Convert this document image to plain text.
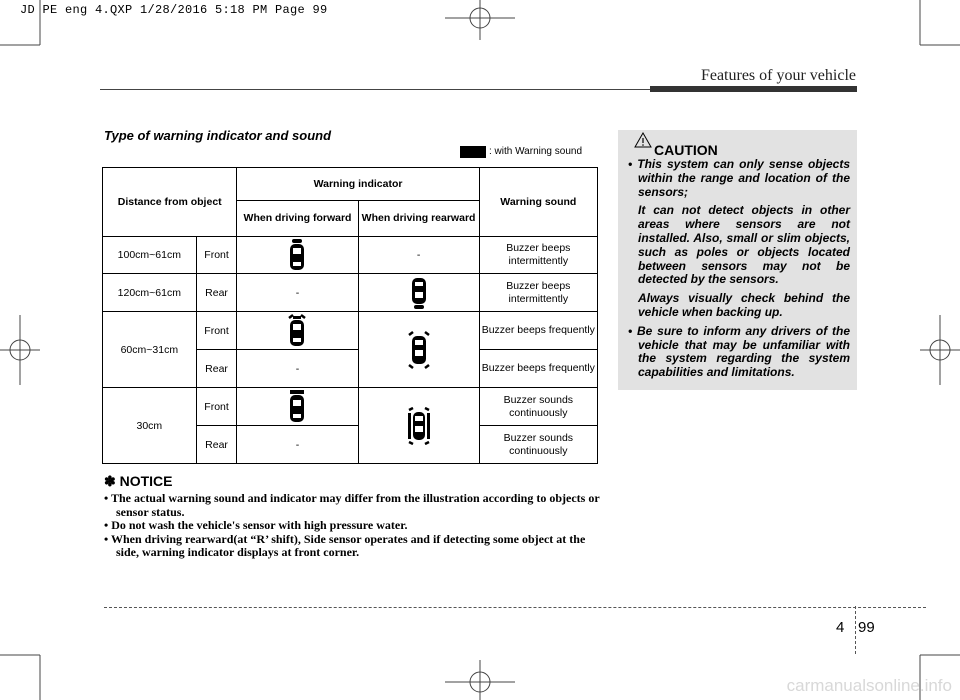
JD PE eng 4.QXP 1/28/2016 5:18 PM Page 99
Features of your vehicle
Type of warning indicator and sound
: with Warning sound
Distance from object		Warning indicator		Warning sound
		When driving forward	When driving rearward	
100cm~61cm	Front		-	Buzzer beeps intermittently
120cm~61cm	Rear	-		Buzzer beeps intermittently
60cm~31cm	Front			Buzzer beeps frequently
	Rear	-		Buzzer beeps frequently
30cm	Front			Buzzer sounds continuously
	Rear	-		Buzzer sounds continuously
✽ NOTICE
• The actual warning sound and indicator may differ from the illustration according to objects or sensor status.
• Do not wash the vehicle's sensor with high pressure water.
• When driving rearward(at “R’ shift), Side sensor operates and if detecting some object at the side, warning indicator displays at front corner.
CAUTION

• This system can only sense objects within the range and location of the sensors;

It can not detect objects in other areas where sensors are not installed. Also, small or slim objects, such as poles or objects located between sensors may not be detected by the sensors.

Always visually check behind the vehicle when backing up.

• Be sure to inform any drivers of the vehicle that may be unfamiliar with the system regarding the system capabilities and limitations.

4 99
carmanualsonline.info
